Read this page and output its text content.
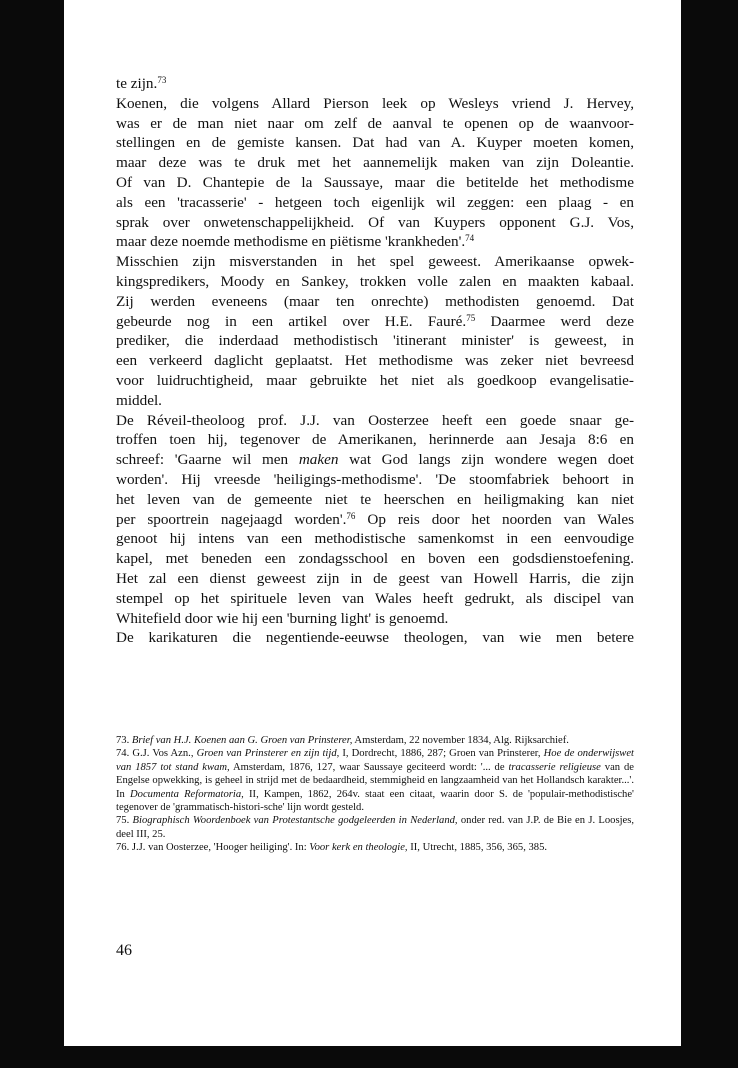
te zijn.$^{73}$
Koenen, die volgens Allard Pierson leek op Wesleys vriend J. Hervey,
was er de man niet naar om zelf de aanval te openen op de waanvoor-
stellingen en de gemiste kansen. Dat had van A. Kuyper moeten komen,
maar deze was te druk met het aannemelijk maken van zijn Doleantie.
Of van D. Chantepie de la Saussaye, maar die betitelde het methodisme
als een 'tracasserie' - hetgeen toch eigenlijk wil zeggen: een plaag - en
sprak over onwetenschappelijkheid. Of van Kuypers opponent G.J. Vos,
maar deze noemde methodisme en piëtisme 'krankheden'.$^{74}$
Misschien zijn misverstanden in het spel geweest. Amerikaanse opwek-
kingspredikers, Moody en Sankey, trokken volle zalen en maakten kabaal.
Zij werden eveneens (maar ten onrechte) methodisten genoemd. Dat
gebeurde nog in een artikel over H.E. Fauré.$^{75}$ Daarmee werd deze
prediker, die inderdaad methodistisch 'itinerant minister' is geweest, in
een verkeerd daglicht geplaatst. Het methodisme was zeker niet bevreesd
voor luidruchtigheid, maar gebruikte het niet als goedkoop evangelisatie-
middel.
De Réveil-theoloog prof. J.J. van Oosterzee heeft een goede snaar ge-
troffen toen hij, tegenover de Amerikanen, herinnerde aan Jesaja 8:6 en
schreef: 'Gaarne wil men maken wat God langs zijn wondere wegen doet
worden'. Hij vreesde 'heiligings-methodisme'. 'De stoomfabriek behoort in
het leven van de gemeente niet te heerschen en heiligmaking kan niet
per spoortrein nagejaagd worden'.$^{76}$ Op reis door het noorden van Wales
genoot hij intens van een methodistische samenkomst in een eenvoudige
kapel, met beneden een zondagsschool en boven een godsdienstoefening.
Het zal een dienst geweest zijn in de geest van Howell Harris, die zijn
stempel op het spirituele leven van Wales heeft gedrukt, als discipel van
Whitefield door wie hij een 'burning light' is genoemd.
De karikaturen die negentiende-eeuwse theologen, van wie men betere

73. Brief van H.J. Koenen aan G. Groen van Prinsterer, Amsterdam, 22 november 1834, Alg. Rijksarchief.

74. G.J. Vos Azn., Groen van Prinsterer en zijn tijd, I, Dordrecht, 1886, 287; Groen van Prinsterer, Hoe de onderwijswet van 1857 tot stand kwam, Amsterdam, 1876, 127, waar Saussaye geciteerd wordt: '... de tracasserie religieuse van de Engelse opwekking, is geheel in strijd met de bedaardheid, stemmigheid en langzaamheid van het Hollandsch karakter...'. In Documenta Reformatoria, II, Kampen, 1862, 264v. staat een citaat, waarin door S. de 'populair-methodistische' tegenover de 'grammatisch-histori-sche' lijn wordt gesteld.

75. Biographisch Woordenboek van Protestantsche godgeleerden in Nederland, onder red. van J.P. de Bie en J. Loosjes, deel III, 25.

76. J.J. van Oosterzee, 'Hooger heiliging'. In: Voor kerk en theologie, II, Utrecht, 1885, 356, 365, 385.

46
